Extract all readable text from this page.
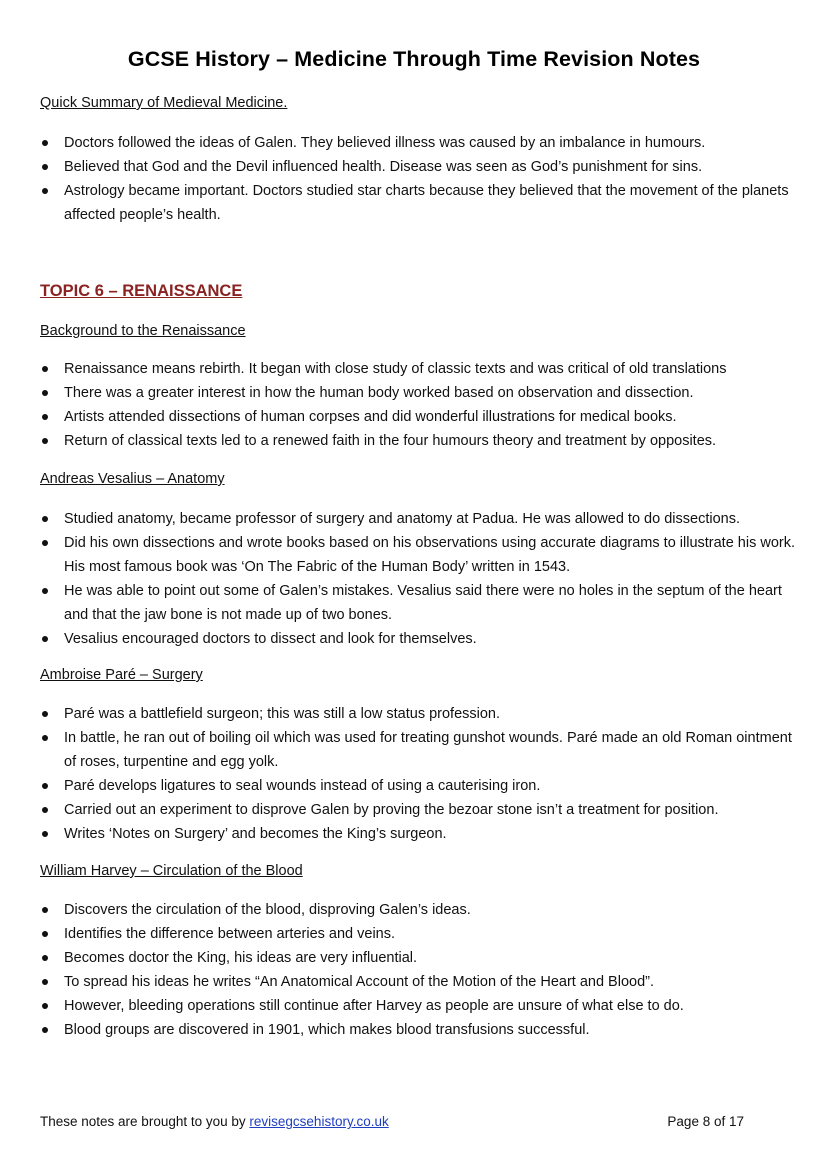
GCSE History – Medicine Through Time Revision Notes
Quick Summary of Medieval Medicine.
Doctors followed the ideas of Galen. They believed illness was caused by an imbalance in humours.
Believed that God and the Devil influenced health. Disease was seen as God’s punishment for sins.
Astrology became important. Doctors studied star charts because they believed that the movement of the planets affected people’s health.
TOPIC 6 – RENAISSANCE
Background to the Renaissance
Renaissance means rebirth. It began with close study of classic texts and was critical of old translations
There was a greater interest in how the human body worked based on observation and dissection.
Artists attended dissections of human corpses and did wonderful illustrations for medical books.
Return of classical texts led to a renewed faith in the four humours theory and treatment by opposites.
Andreas Vesalius – Anatomy
Studied anatomy, became professor of surgery and anatomy at Padua. He was allowed to do dissections.
Did his own dissections and wrote books based on his observations using accurate diagrams to illustrate his work. His most famous book was ‘On The Fabric of the Human Body’ written in 1543.
He was able to point out some of Galen’s mistakes. Vesalius said there were no holes in the septum of the heart and that the jaw bone is not made up of two bones.
Vesalius encouraged doctors to dissect and look for themselves.
Ambroise Paré – Surgery
Paré was a battlefield surgeon; this was still a low status profession.
In battle, he ran out of boiling oil which was used for treating gunshot wounds. Paré made an old Roman ointment of roses, turpentine and egg yolk.
Paré develops ligatures to seal wounds instead of using a cauterising iron.
Carried out an experiment to disprove Galen by proving the bezoar stone isn’t a treatment for position.
Writes ‘Notes on Surgery’ and becomes the King’s surgeon.
William Harvey – Circulation of the Blood
Discovers the circulation of the blood, disproving Galen’s ideas.
Identifies the difference between arteries and veins.
Becomes doctor the King, his ideas are very influential.
To spread his ideas he writes “An Anatomical Account of the Motion of the Heart and Blood”.
However, bleeding operations still continue after Harvey as people are unsure of what else to do.
Blood groups are discovered in 1901, which makes blood transfusions successful.
These notes are brought to you by revisegcsehistory.co.uk	Page 8 of 17
